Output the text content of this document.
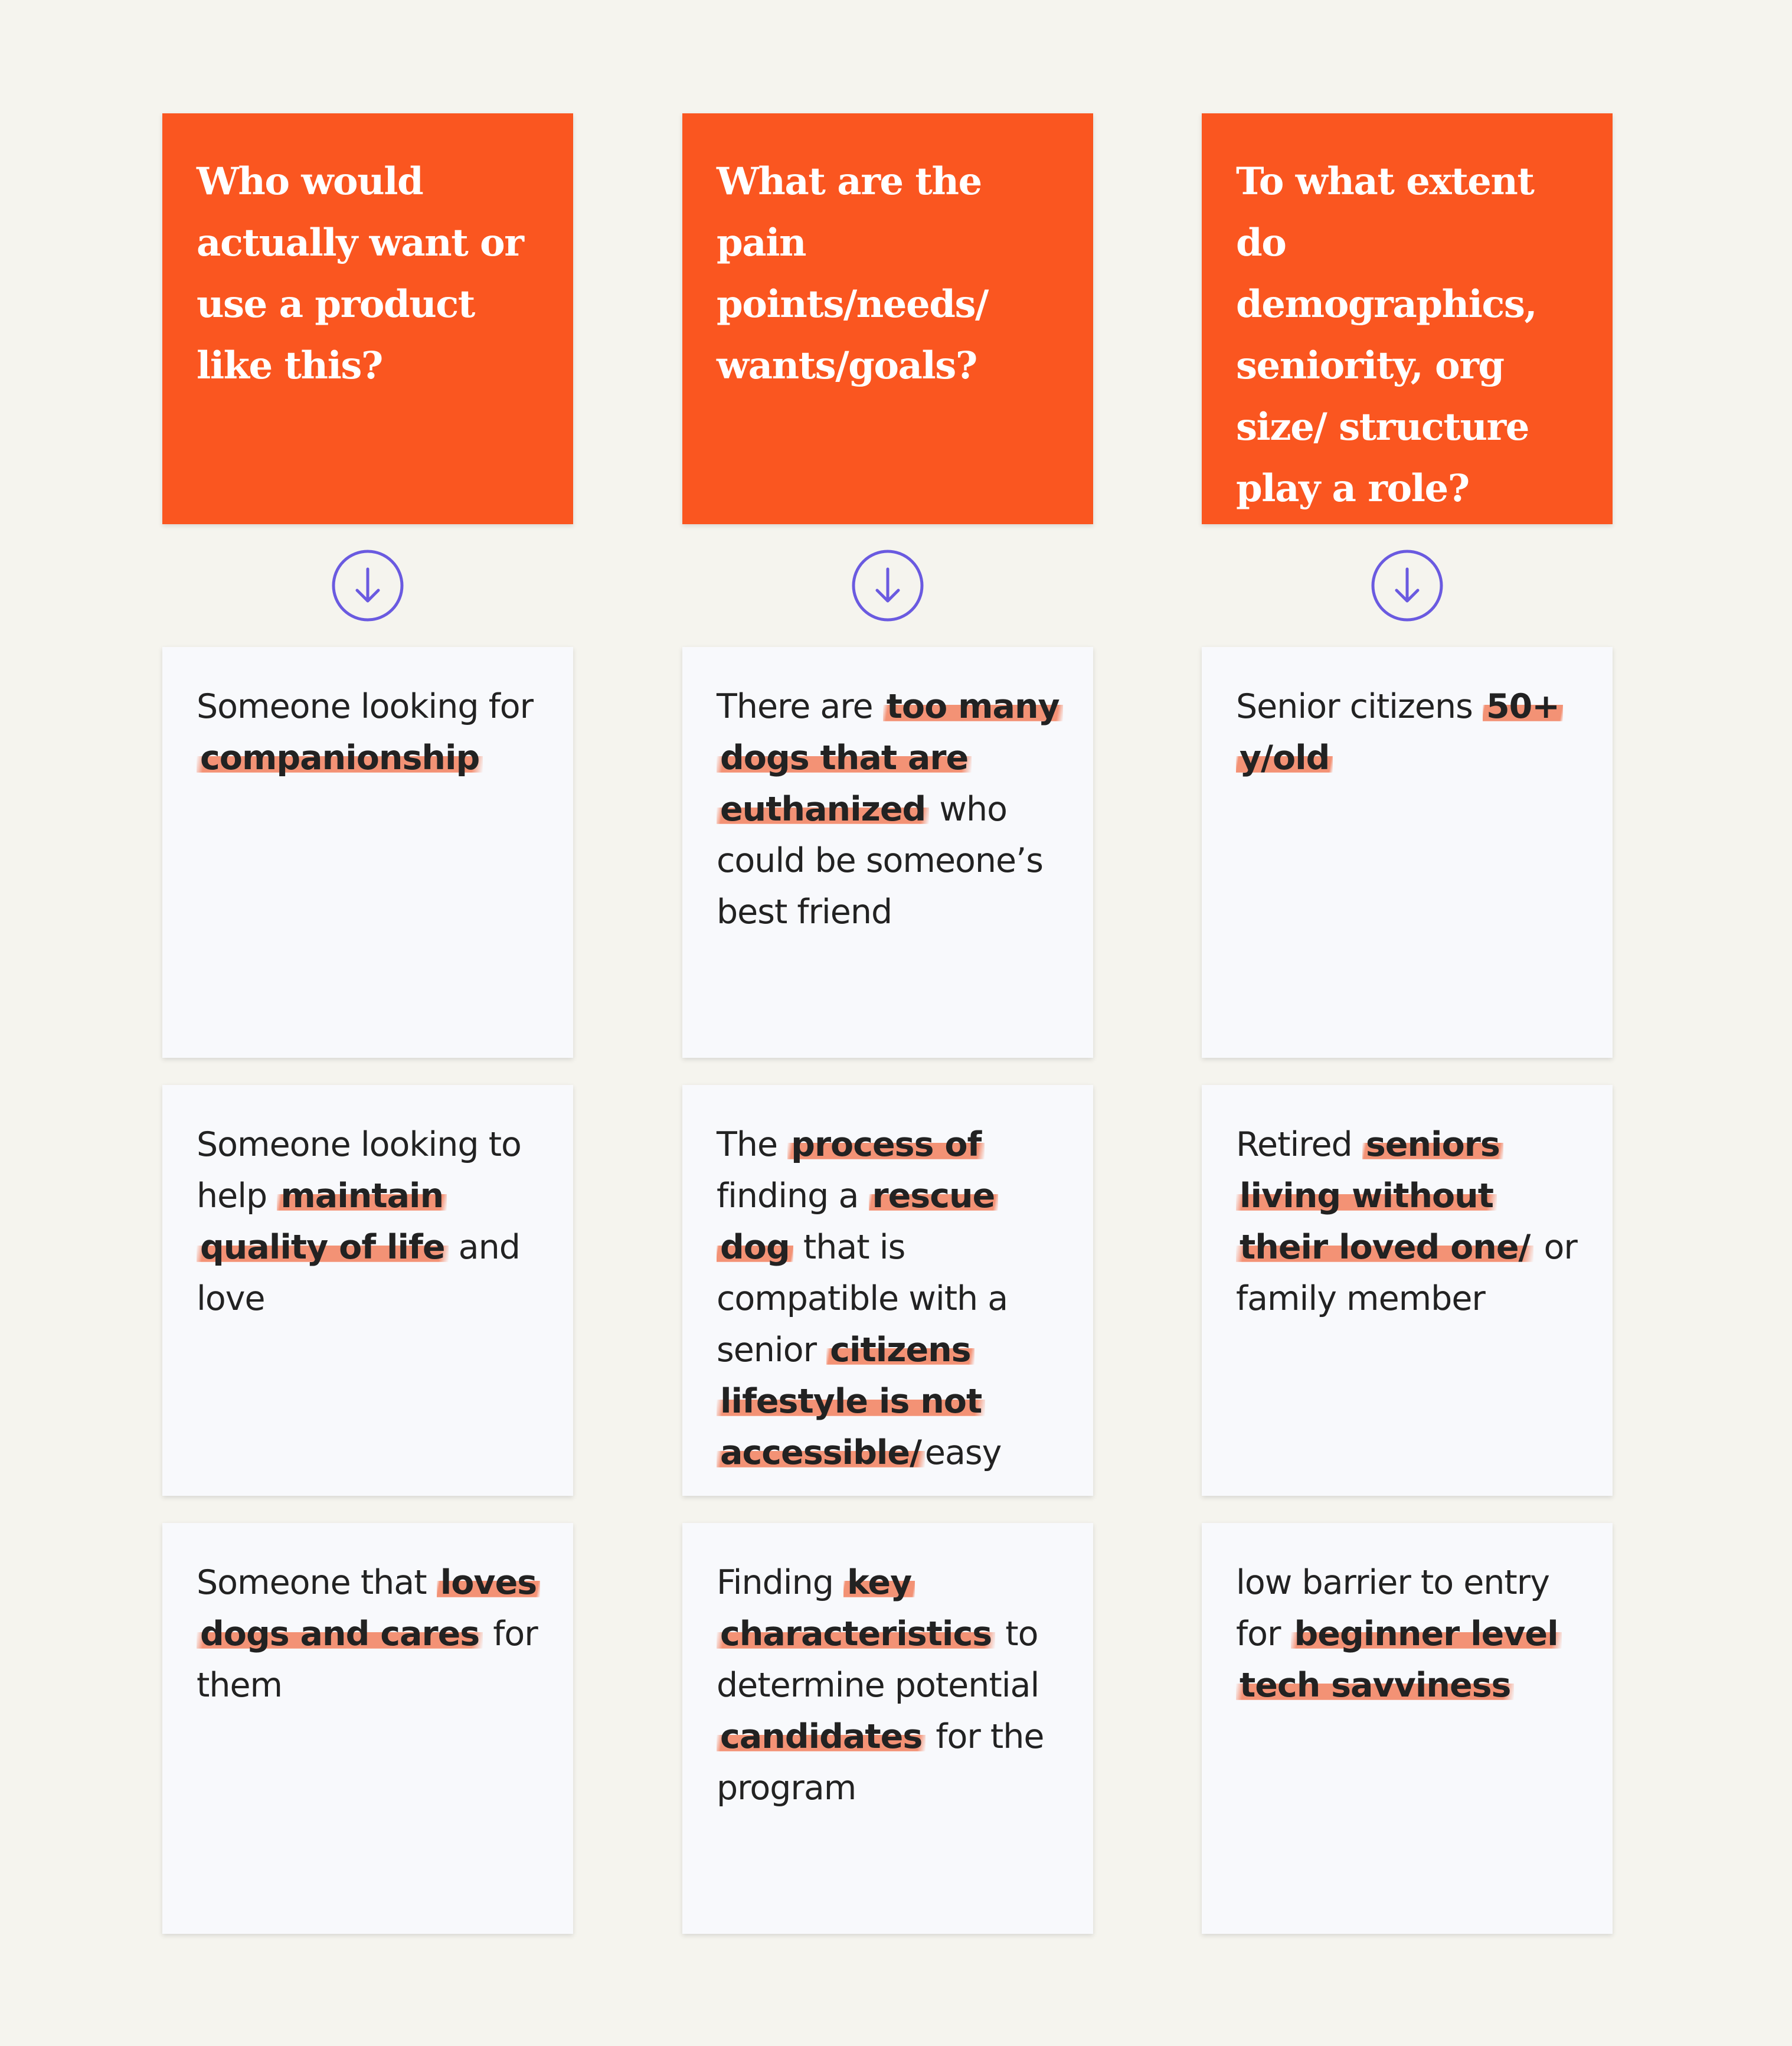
Who would actually want or use a product like this?

Someone looking for companionship

Someone looking to help maintain quality of life and love

Someone that loves dogs and cares for them

What are the pain points/needs/ wants/goals?

There are too many dogs that are euthanized who could be someone’s best friend

The process of finding a rescue dog that is compatible with a senior citizens lifestyle is not accessible/ easy

Finding key characteristics to determine potential candidates for the program

To what extent do demographics, seniority, org size/ structure play a role?

Senior citizens 50+ y/old

Retired seniors living without their loved one/ or family member

low barrier to entry for beginner level tech savviness
